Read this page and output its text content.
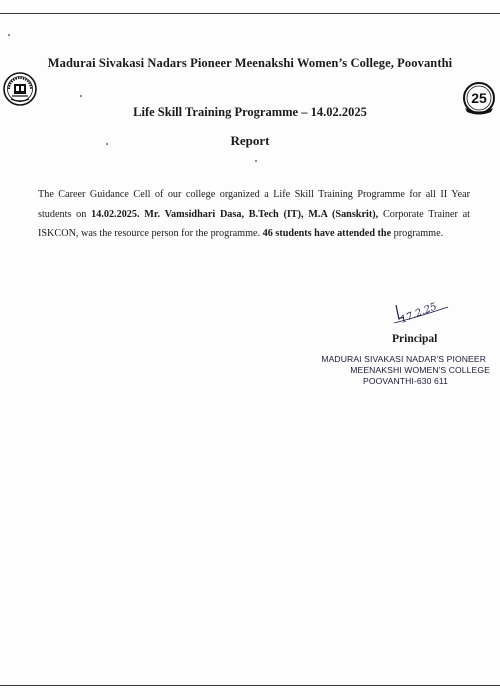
25
Madurai Sivakasi Nadars Pioneer Meenakshi Women’s College, Poovanthi
Life Skill Training Programme – 14.02.2025
Report
The Career Guidance Cell of our college organized a Life Skill Training Programme for all II Year students on 14.02.2025. Mr. Vamsidhari Dasa, B.Tech (IT), M.A (Sanskrit), Corporate Trainer at ISKCON, was the resource person for the programme. 46 students have attended the programme.
17.2.25
Principal
MADURAI SIVAKASI NADAR'S PIONEER
MEENAKSHI WOMEN'S COLLEGE
POOVANTHI-630 611
